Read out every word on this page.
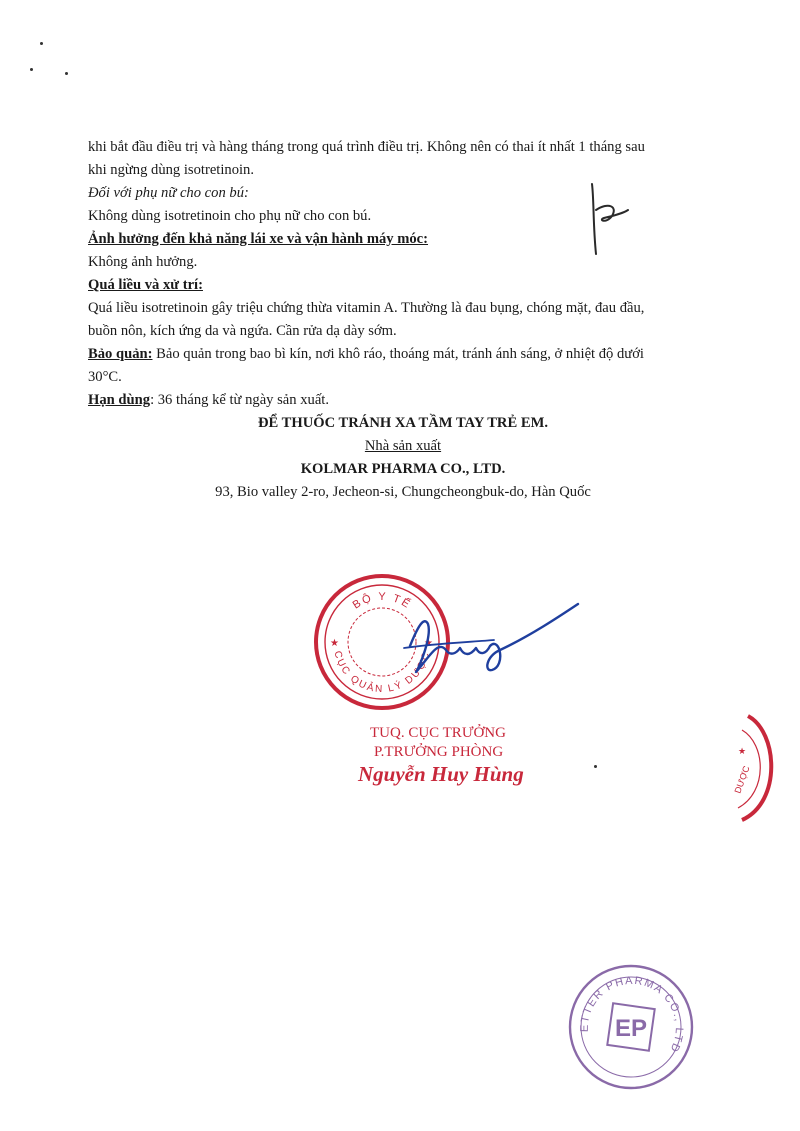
khi bắt đầu điều trị và hàng tháng trong quá trình điều trị. Không nên có thai ít nhất 1 tháng sau

khi ngừng dùng isotretinoin.

Đối với phụ nữ cho con bú:

Không dùng isotretinoin cho phụ nữ cho con bú.

Ảnh hưởng đến khả năng lái xe và vận hành máy móc:

Không ảnh hưởng.

Quá liều và xử trí:

Quá liều isotretinoin gây triệu chứng thừa vitamin A. Thường là đau bụng, chóng mặt, đau đầu,

buồn nôn, kích ứng da và ngứa. Cần rửa dạ dày sớm.

Bảo quản: Bảo quản trong bao bì kín, nơi khô ráo, thoáng mát, tránh ánh sáng, ở nhiệt độ dưới

30°C.

Hạn dùng: 36 tháng kể từ ngày sản xuất.

ĐỂ THUỐC TRÁNH XA TẦM TAY TRẺ EM.

Nhà sản xuất

KOLMAR PHARMA CO., LTD.

93, Bio valley 2-ro, Jecheon-si, Chungcheongbuk-do, Hàn Quốc

BỘ Y TẾ
CỤC QUẢN LÝ DƯỢC
★	★
TUQ. CỤC TRƯỞNG
P.TRƯỞNG PHÒNG
Nguyễn Huy Hùng
★
DƯỢC
ETTER PHARMA CO., LTD
EP
